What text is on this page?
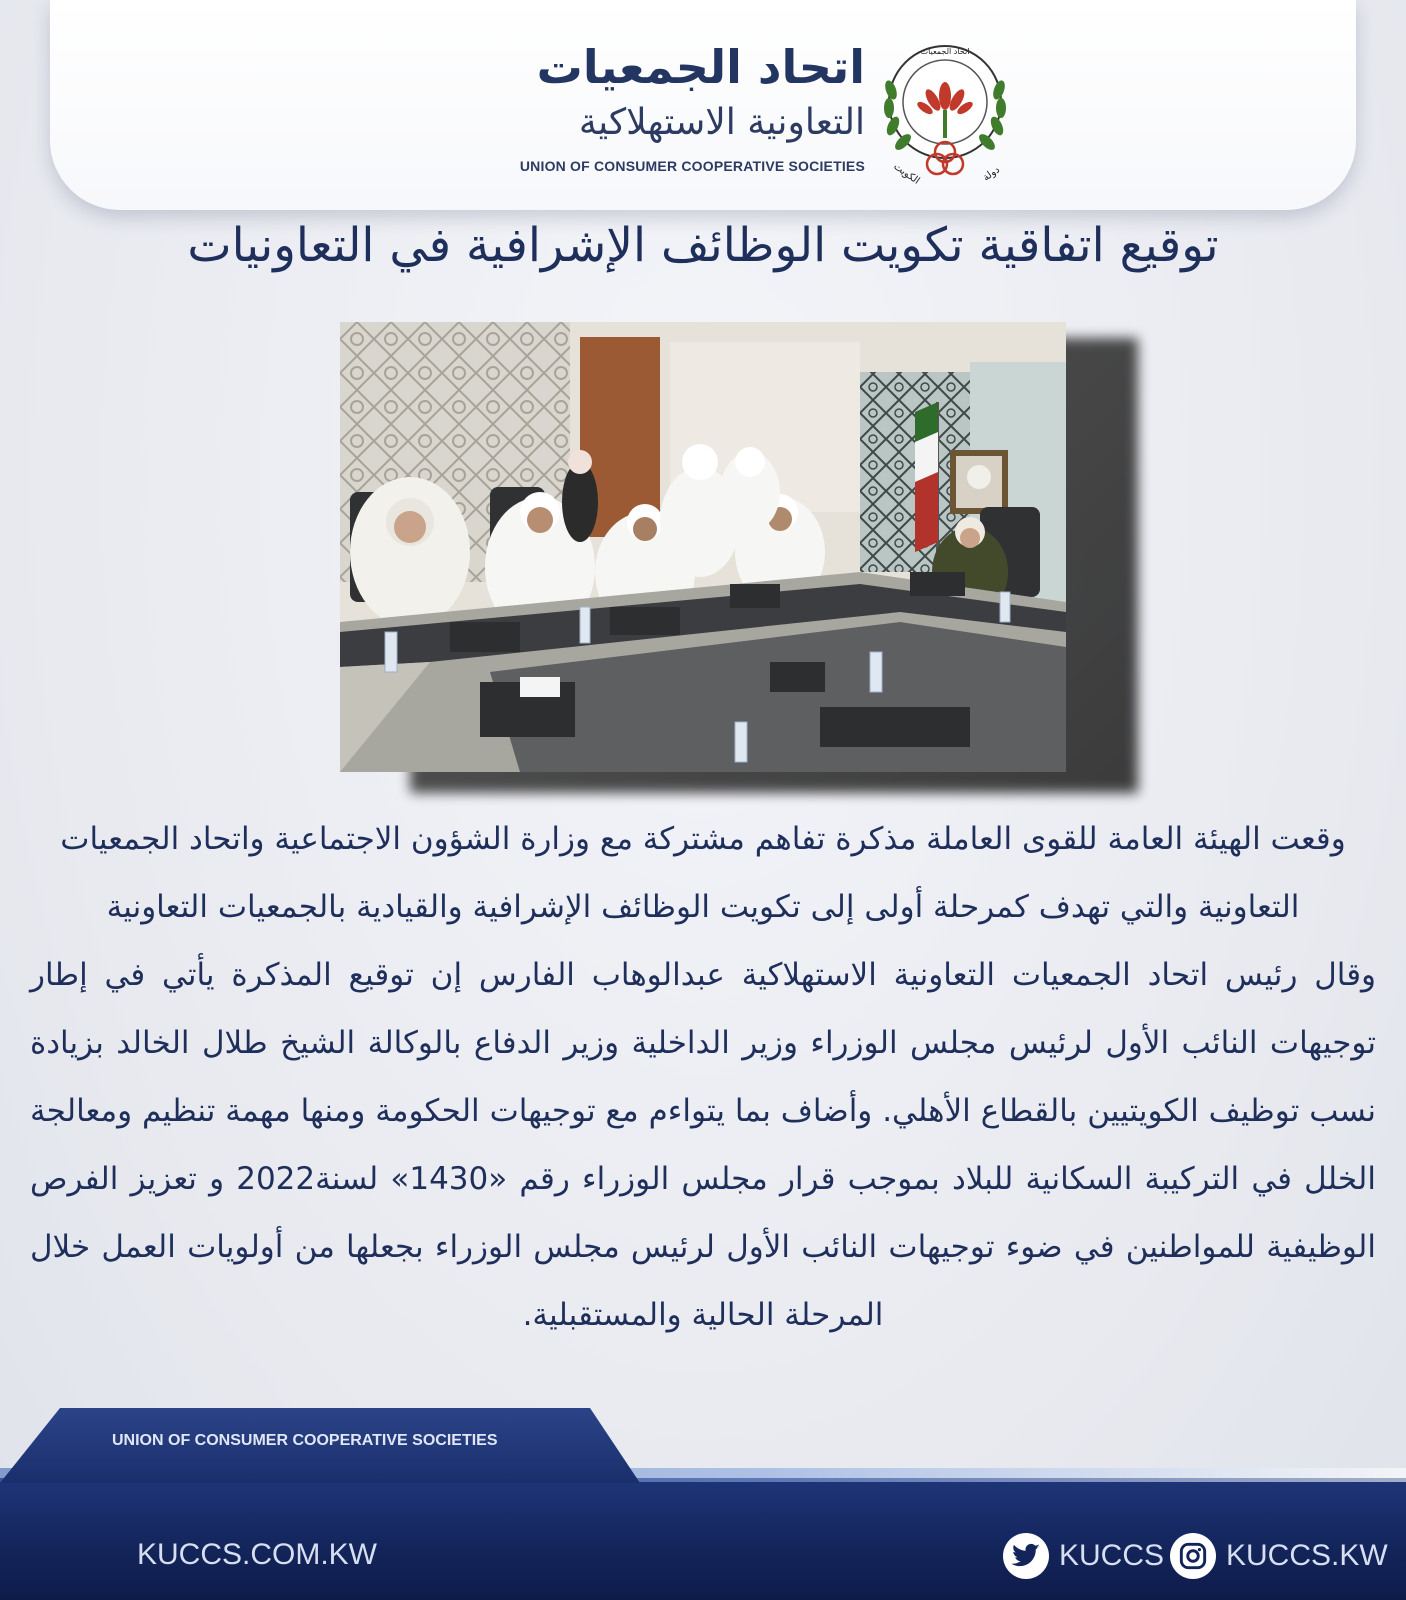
اتحاد الجمعيات
دولة
الكويت
اتحاد الجمعيات
التعاونية الاستهلاكية
UNION OF CONSUMER COOPERATIVE SOCIETIES
توقيع اتفاقية تكويت الوظائف الإشرافية في التعاونيات
وقعت الهيئة العامة للقوى العاملة مذكرة تفاهم مشتركة مع وزارة الشؤون الاجتماعية واتحاد الجمعيات التعاونية والتي تهدف كمرحلة أولى إلى تكويت الوظائف الإشرافية والقيادية بالجمعيات التعاونية
وقال رئيس اتحاد الجمعيات التعاونية الاستهلاكية عبدالوهاب الفارس إن توقيع المذكرة يأتي في إطار توجيهات النائب الأول لرئيس مجلس الوزراء وزير الداخلية وزير الدفاع بالوكالة الشيخ طلال الخالد بزيادة نسب توظيف الكويتيين بالقطاع الأهلي. وأضاف بما يتواءم مع توجيهات الحكومة ومنها مهمة تنظيم ومعالجة الخلل في التركيبة السكانية للبلاد بموجب قرار مجلس الوزراء رقم «1430» لسنة2022 و تعزيز الفرص الوظيفية للمواطنين في ضوء توجيهات النائب الأول لرئيس مجلس الوزراء بجعلها من أولويات العمل خلال المرحلة الحالية والمستقبلية.
UNION OF CONSUMER COOPERATIVE SOCIETIES
KUCCS.COM.KW	KUCCS KUCCS.KW
